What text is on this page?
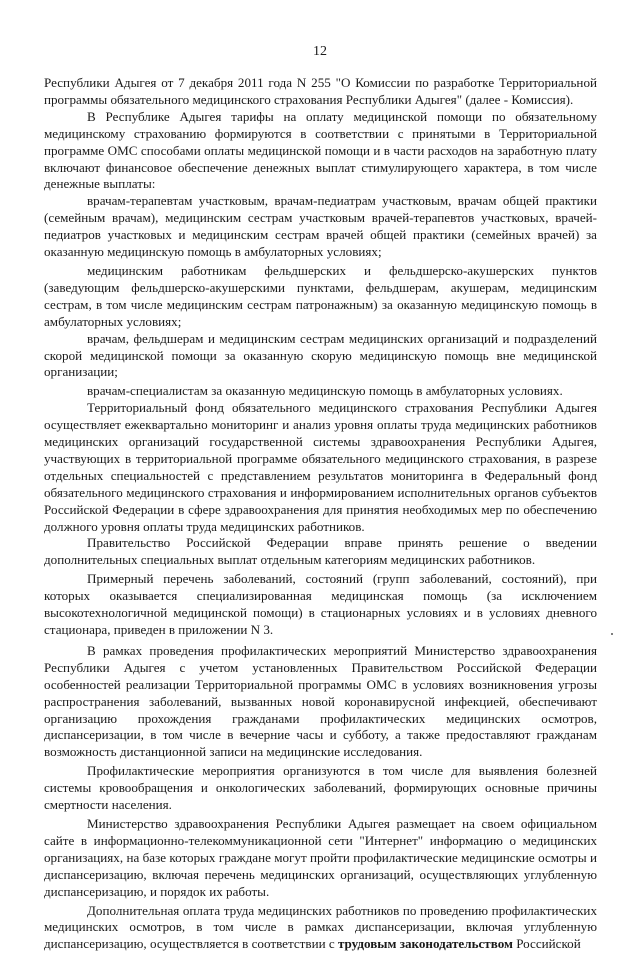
12

Республики Адыгея от 7 декабря 2011 года N 255 "О Комиссии по разработке Территориальной программы обязательного медицинского страхования Республики Адыгея" (далее - Комиссия).

В Республике Адыгея тарифы на оплату медицинской помощи по обязательному медицинскому страхованию формируются в соответствии с принятыми в Территориальной программе ОМС способами оплаты медицинской помощи и в части расходов на заработную плату включают финансовое обеспечение денежных выплат стимулирующего характера, в том числе денежные выплаты:

врачам-терапевтам участковым, врачам-педиатрам участковым, врачам общей практики (семейным врачам), медицинским сестрам участковым врачей-терапевтов участковых, врачей-педиатров участковых и медицинским сестрам врачей общей практики (семейных врачей) за оказанную медицинскую помощь в амбулаторных условиях;

медицинским работникам фельдшерских и фельдшерско-акушерских пунктов (заведующим фельдшерско-акушерскими пунктами, фельдшерам, акушерам, медицинским сестрам, в том числе медицинским сестрам патронажным) за оказанную медицинскую помощь в амбулаторных условиях;

врачам, фельдшерам и медицинским сестрам медицинских организаций и подразделений скорой медицинской помощи за оказанную скорую медицинскую помощь вне медицинской организации;

врачам-специалистам за оказанную медицинскую помощь в амбулаторных условиях.

Территориальный фонд обязательного медицинского страхования Республики Адыгея осуществляет ежеквартально мониторинг и анализ уровня оплаты труда медицинских работников медицинских организаций государственной системы здравоохранения Республики Адыгея, участвующих в территориальной программе обязательного медицинского страхования, в разрезе отдельных специальностей с представлением результатов мониторинга в Федеральный фонд обязательного медицинского страхования и информированием исполнительных органов субъектов Российской Федерации в сфере здравоохранения для принятия необходимых мер по обеспечению должного уровня оплаты труда медицинских работников.

Правительство Российской Федерации вправе принять решение о введении дополнительных специальных выплат отдельным категориям медицинских работников.

Примерный перечень заболеваний, состояний (групп заболеваний, состояний), при которых оказывается специализированная медицинская помощь (за исключением высокотехнологичной медицинской помощи) в стационарных условиях и в условиях дневного стационара, приведен в приложении N 3.

В рамках проведения профилактических мероприятий Министерство здравоохранения Республики Адыгея с учетом установленных Правительством Российской Федерации особенностей реализации Территориальной программы ОМС в условиях возникновения угрозы распространения заболеваний, вызванных новой коронавирусной инфекцией, обеспечивают организацию прохождения гражданами профилактических медицинских осмотров, диспансеризации, в том числе в вечерние часы и субботу, а также предоставляют гражданам возможность дистанционной записи на медицинские исследования.

Профилактические мероприятия организуются в том числе для выявления болезней системы кровообращения и онкологических заболеваний, формирующих основные причины смертности населения.

Министерство здравоохранения Республики Адыгея размещает на своем официальном сайте в информационно-телекоммуникационной сети "Интернет" информацию о медицинских организациях, на базе которых граждане могут пройти профилактические медицинские осмотры и диспансеризацию, включая перечень медицинских организаций, осуществляющих углубленную диспансеризацию, и порядок их работы.

Дополнительная оплата труда медицинских работников по проведению профилактических медицинских осмотров, в том числе в рамках диспансеризации, включая углубленную диспансеризацию, осуществляется в соответствии с трудовым законодательством Российской
